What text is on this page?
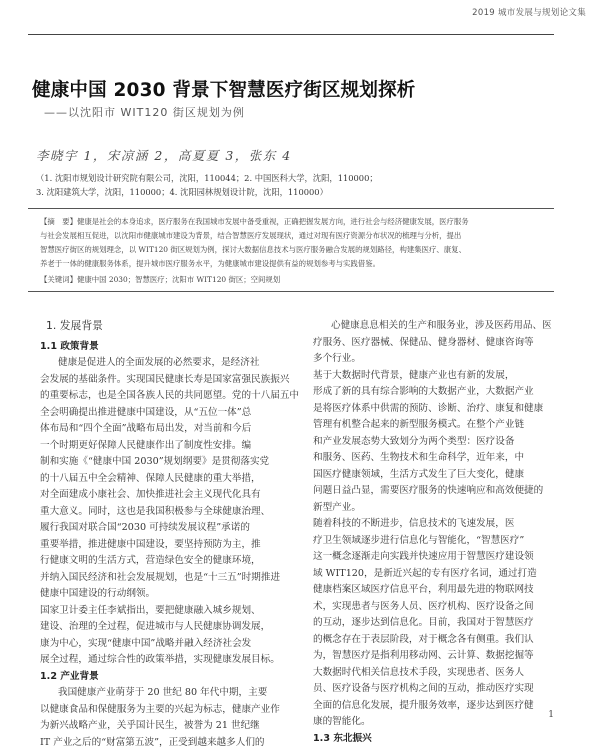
2019 城市发展与规划论文集
健康中国 2030 背景下智慧医疗街区规划探析
——以沈阳市 WIT120 街区规划为例
李晓宇 1，宋凉涵 2，高夏夏 3，张东 4
（1. 沈阳市规划设计研究院有限公司，沈阳，110044；2. 中国医科大学，沈阳，110000；
3. 沈阳建筑大学，沈阳，110000；4. 沈阳园林规划设计院，沈阳，110000）
【摘　要】健康是社会的本身追求，医疗服务在我国城市发展中备受重视，正确把握发展方向，进行社会与经济健康发展，医疗服务
与社会发展相互促进，以沈阳市健康城市建设为背景，结合智慧医疗发展现状，通过对现有医疗资源分布状况的梳理与分析，提出
智慧医疗街区的规划理念，以 WIT120 街区规划为例，探讨大数据信息技术与医疗服务融合发展的规划路径，构建集医疗、康复、
养老于一体的健康服务体系，提升城市医疗服务水平，为健康城市建设提供有益的规划参考与实践借鉴。
【关键词】健康中国 2030；智慧医疗；沈阳市 WIT120 街区；空间规划
1. 发展背景
1.1 政策背景
健康是促进人的全面发展的必然要求，是经济社
会发展的基础条件。实现国民健康长寿是国家富强民族振兴
的重要标志，也是全国各族人民的共同愿望。党的十八届五中
全会明确提出推进健康中国建设，从“五位一体”总
体布局和“四个全面”战略布局出发，对当前和今后
一个时期更好保障人民健康作出了制度性安排。编
制和实施《“健康中国 2030”规划纲要》是贯彻落实党
的十八届五中全会精神、保障人民健康的重大举措，
对全面建成小康社会、加快推进社会主义现代化具有
重大意义。同时，这也是我国积极参与全球健康治理、
履行我国对联合国“2030 可持续发展议程”承诺的
重要举措，推进健康中国建设，要坚持预防为主，推
行健康文明的生活方式，营造绿色安全的健康环境，
并纳入国民经济和社会发展规划，也是“十三五”时期推进
健康中国建设的行动纲领。
国家卫计委主任李斌指出，要把健康融入城乡规划、
建设、治理的全过程，促进城市与人民健康协调发展，
康为中心，实现“健康中国”战略并融入经济社会发
展全过程，通过综合性的政策举措，实现健康发展目标。
1.2 产业背景
我国健康产业萌芽于 20 世纪 80 年代中期，主要
以健康食品和保健服务为主要的兴起为标志，健康产业作
为新兴战略产业，关乎国计民生，被誉为 21 世纪继
IT 产业之后的“财富第五波”，正受到越来越多人们的
心健康息息相关的生产和服务业，涉及医药用品、医
疗服务、医疗器械、保健品、健身器材、健康咨询等
多个行业。
基于大数据时代背景，健康产业也有新的发展，
形成了新的具有综合影响的大数据产业，大数据产业
是将医疗体系中供需的预防、诊断、治疗、康复和健康
管理有机整合起来的新型服务模式。在整个产业链
和产业发展态势大致划分为两个类型：医疗设备
和服务、医药、生物技术和生命科学，近年来，中
国医疗健康领域，生活方式发生了巨大变化，健康
问题日益凸显，需要医疗服务的快速响应和高效便捷的
新型产业。
随着科技的不断进步，信息技术的飞速发展，医
疗卫生领域逐步进行信息化与智能化，“智慧医疗”
这一概念逐渐走向实践并快速应用于智慧医疗建设领
域 WIT120，是新近兴起的专有医疗名词，通过打造
健康档案区域医疗信息平台，利用最先进的物联网技
术，实现患者与医务人员、医疗机构、医疗设备之间
的互动，逐步达到信息化。目前，我国对于智慧医疗
的概念存在于表层阶段，对于概念各有侧重。我们认
为，智慧医疗是指利用移动网、云计算、数据挖掘等
大数据时代相关信息技术手段，实现患者、医务人
员、医疗设备与医疗机构之间的互动，推动医疗实现
全面的信息化发展，提升服务效率，逐步达到医疗健
康的智能化。
1.3 东北振兴
1
